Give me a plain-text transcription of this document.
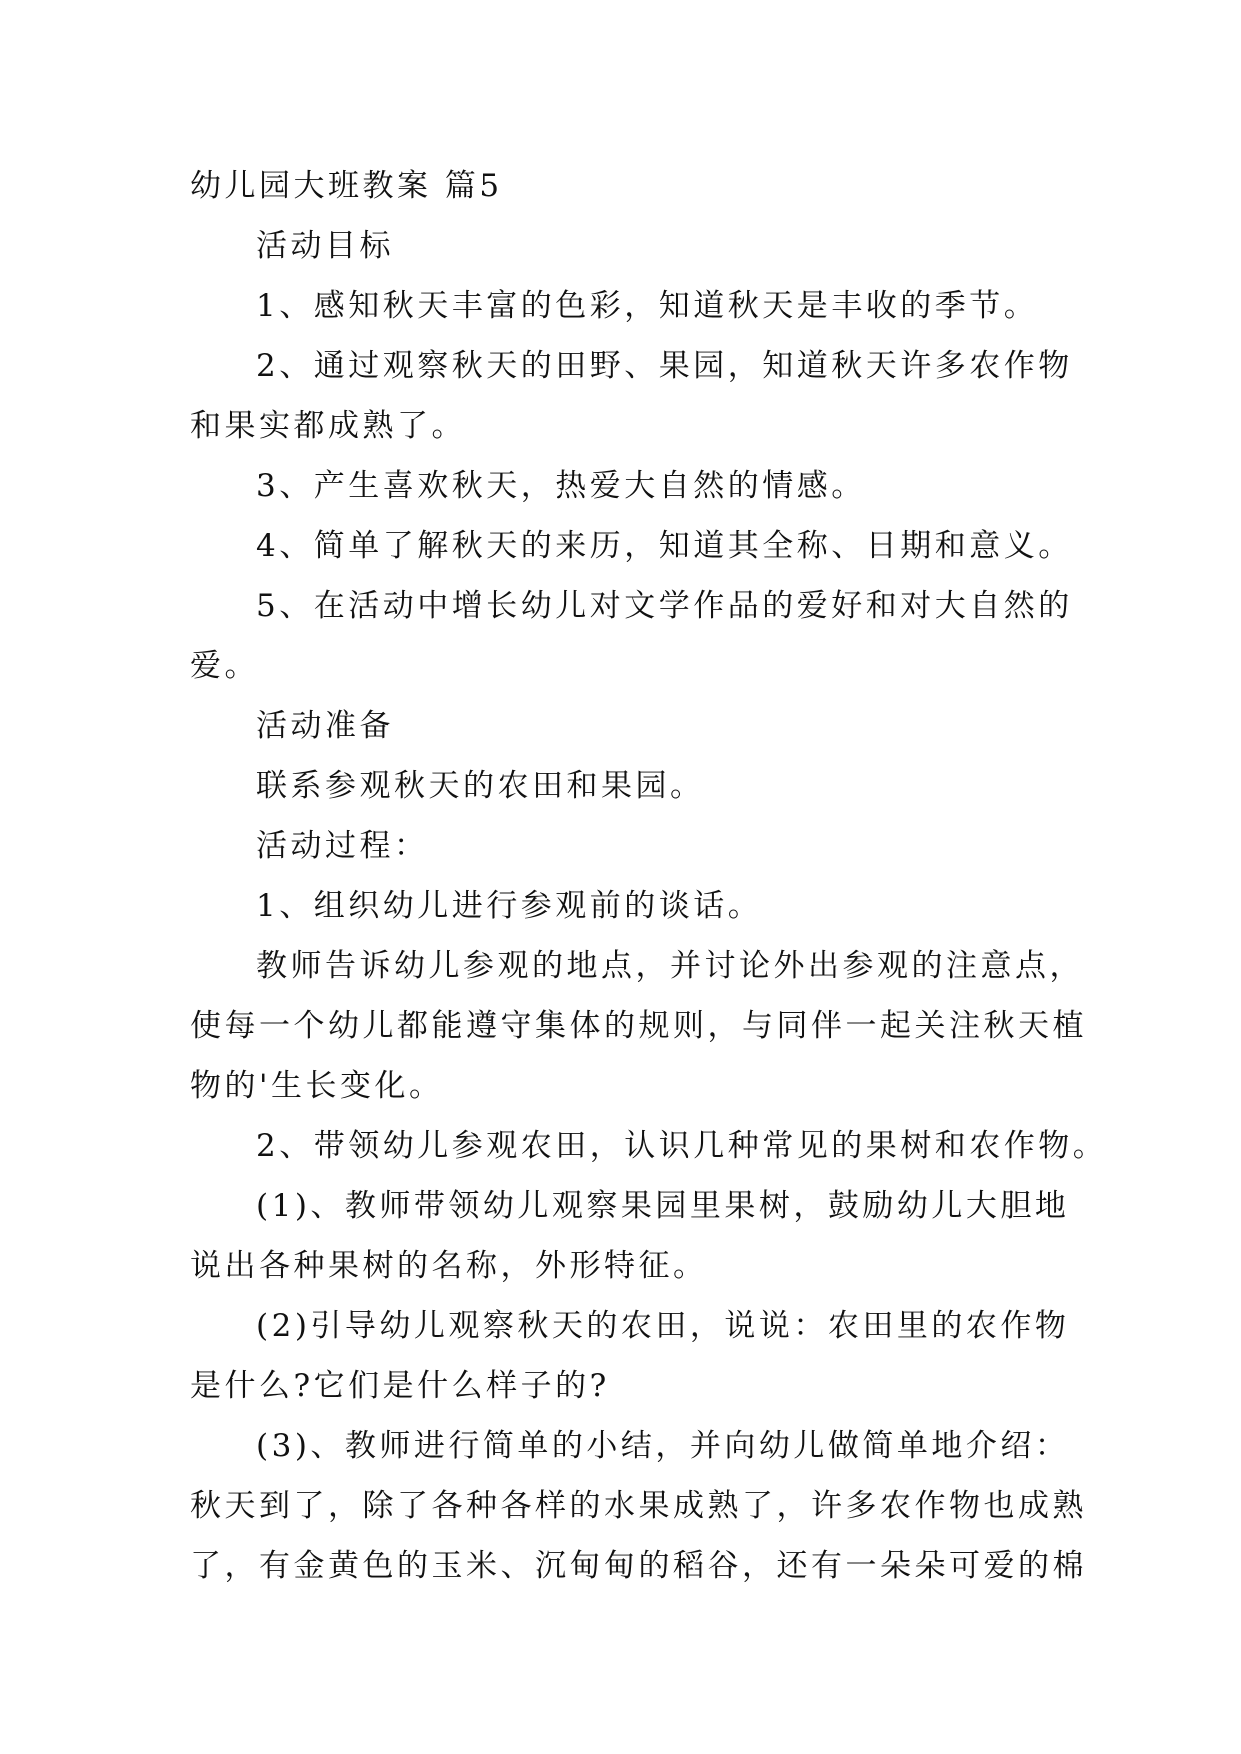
幼儿园大班教案 篇5
活动目标
1、感知秋天丰富的色彩，知道秋天是丰收的季节。
2、通过观察秋天的田野、果园，知道秋天许多农作物
和果实都成熟了。
3、产生喜欢秋天，热爱大自然的情感。
4、简单了解秋天的来历，知道其全称、日期和意义。
5、在活动中增长幼儿对文学作品的爱好和对大自然的
爱。
活动准备
联系参观秋天的农田和果园。
活动过程：
1、组织幼儿进行参观前的谈话。
教师告诉幼儿参观的地点，并讨论外出参观的注意点，
使每一个幼儿都能遵守集体的规则，与同伴一起关注秋天植
物的'生长变化。
2、带领幼儿参观农田，认识几种常见的果树和农作物。
(1)、教师带领幼儿观察果园里果树，鼓励幼儿大胆地
说出各种果树的名称，外形特征。
(2)引导幼儿观察秋天的农田，说说：农田里的农作物
是什么?它们是什么样子的?
(3)、教师进行简单的小结，并向幼儿做简单地介绍：
秋天到了，除了各种各样的水果成熟了，许多农作物也成熟
了，有金黄色的玉米、沉甸甸的稻谷，还有一朵朵可爱的棉
